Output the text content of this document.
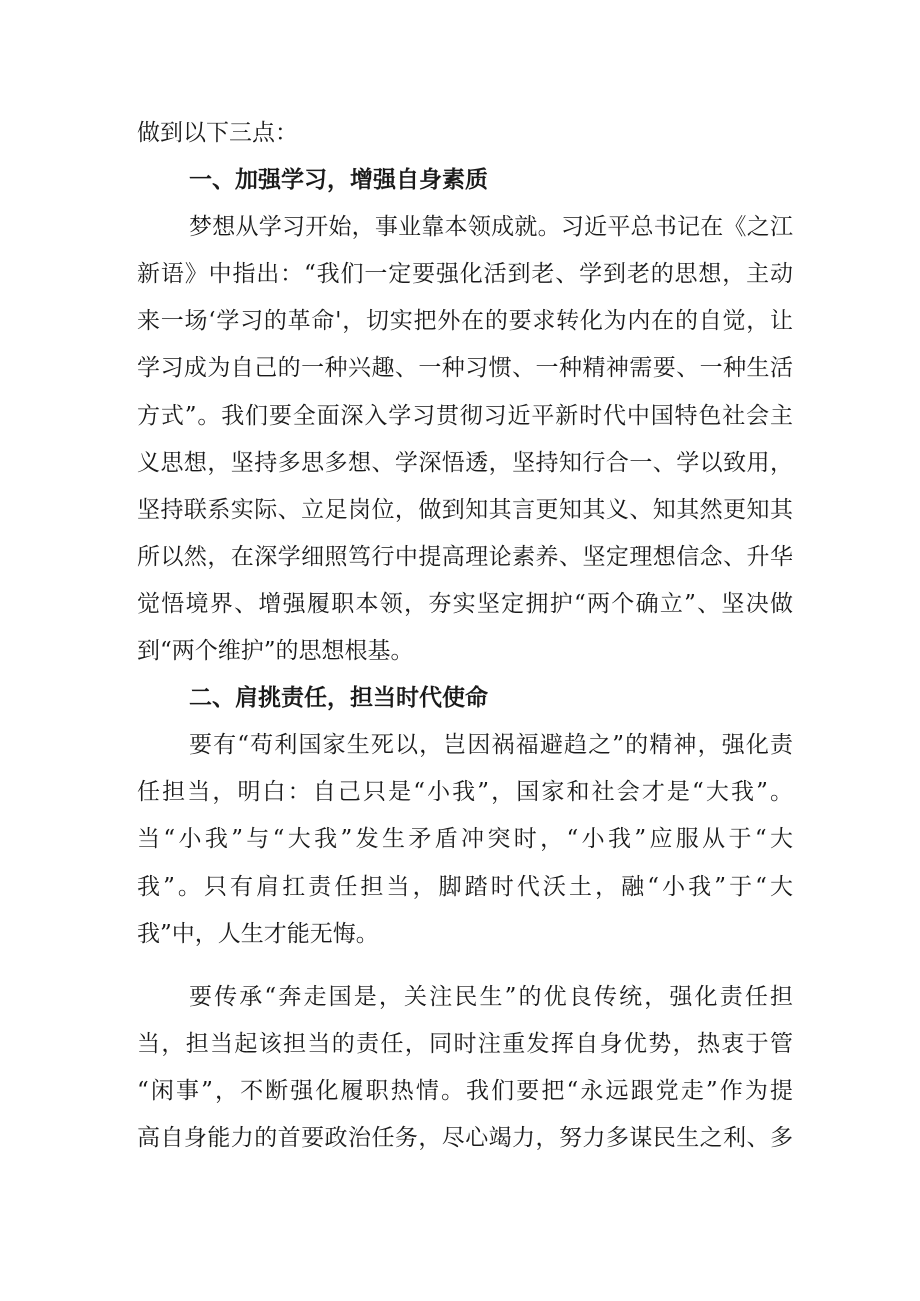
做到以下三点：
一、加强学习，增强自身素质
梦想从学习开始，事业靠本领成就。习近平总书记在《之江
新语》中指出：“我们一定要强化活到老、学到老的思想，主动
来一场‘学习的革命'，切实把外在的要求转化为内在的自觉，让
学习成为自己的一种兴趣、一种习惯、一种精神需要、一种生活
方式”。我们要全面深入学习贯彻习近平新时代中国特色社会主
义思想，坚持多思多想、学深悟透，坚持知行合一、学以致用，
坚持联系实际、立足岗位，做到知其言更知其义、知其然更知其
所以然，在深学细照笃行中提高理论素养、坚定理想信念、升华
觉悟境界、增强履职本领，夯实坚定拥护“两个确立”、坚决做
到“两个维护”的思想根基。
二、肩挑责任，担当时代使命
要有“苟利国家生死以，岂因祸福避趋之”的精神，强化责
任担当，明白：自己只是“小我”，国家和社会才是“大我”。
当“小我”与“大我”发生矛盾冲突时，“小我”应服从于“大
我”。只有肩扛责任担当，脚踏时代沃土，融“小我”于“大
我”中，人生才能无悔。
要传承“奔走国是，关注民生”的优良传统，强化责任担
当，担当起该担当的责任，同时注重发挥自身优势，热衷于管
“闲事”，不断强化履职热情。我们要把“永远跟党走”作为提
高自身能力的首要政治任务，尽心竭力，努力多谋民生之利、多
